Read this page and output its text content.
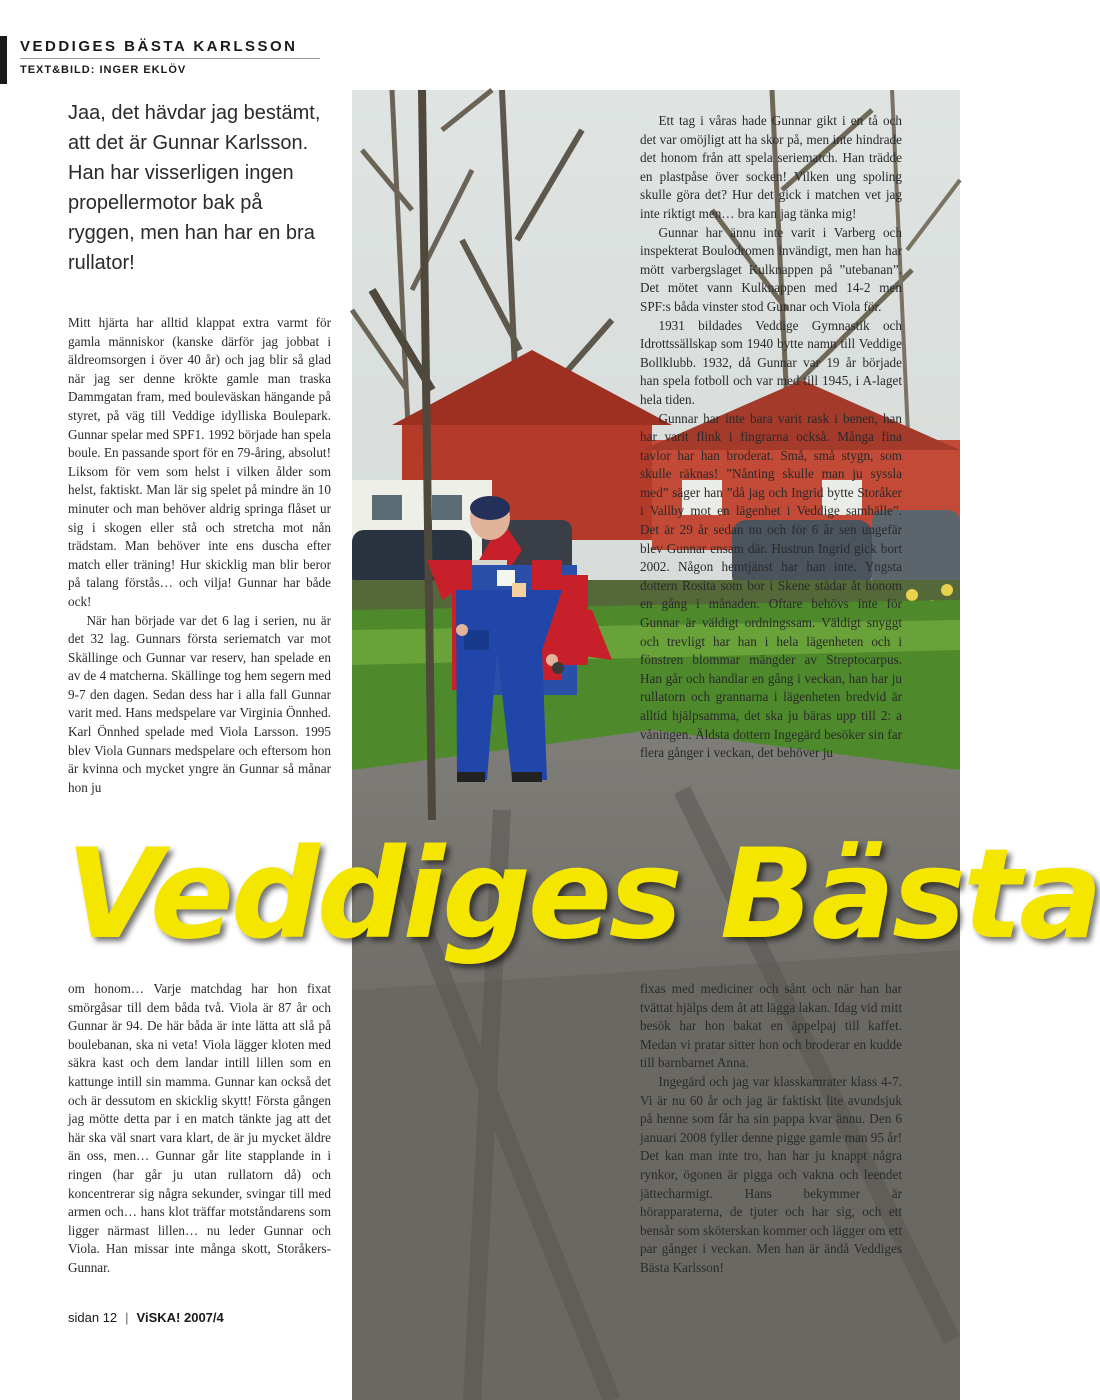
VEDDIGES BÄSTA KARLSSON
TEXT&BILD: INGER EKLÖV
Jaa, det hävdar jag bestämt, att det är Gunnar Karlsson. Han har visserligen ingen propellermotor bak på ryggen, men han har en bra rullator!

Mitt hjärta har alltid klappat extra varmt för gamla människor (kanske därför jag jobbat i äldreomsorgen i över 40 år) och jag blir så glad när jag ser denne krökte gamle man traska Dammgatan fram, med bouleväskan hängande på styret, på väg till Veddige idylliska Boulepark. Gunnar spelar med SPF1. 1992 började han spela boule. En passande sport för en 79-åring, absolut! Liksom för vem som helst i vilken ålder som helst, faktiskt. Man lär sig spelet på mindre än 10 minuter och man behöver aldrig springa flåset ur sig i skogen eller stå och stretcha mot nån trädstam. Man behöver inte ens duscha efter match eller träning! Hur skicklig man blir beror på talang förstås… och vilja! Gunnar har både ock!

När han började var det 6 lag i serien, nu är det 32 lag. Gunnars första seriematch var mot Skällinge och Gunnar var reserv, han spelade en av de 4 matcherna. Skällinge tog hem segern med 9-7 den dagen. Sedan dess har i alla fall Gunnar varit med. Hans medspelare var Virginia Önnhed. Karl Önnhed spelade med Viola Larsson. 1995 blev Viola Gunnars medspelare och eftersom hon är kvinna och mycket yngre än Gunnar så månar hon ju

Ett tag i våras hade Gunnar gikt i en tå och det var omöjligt att ha skor på, men inte hindrade det honom från att spela seriematch. Han trädde en plastpåse över socken! Vilken ung spoling skulle göra det? Hur det gick i matchen vet jag inte riktigt men… bra kan jag tänka mig!

Gunnar har ännu inte varit i Varberg och inspekterat Boulodromen invändigt, men han har mött varbergslaget Kulknappen på ”utebanan”. Det mötet vann Kulknappen med 14-2 men SPF:s båda vinster stod Gunnar och Viola för.

1931 bildades Veddige Gymnastik och Idrottssällskap som 1940 bytte namn till Veddige Bollklubb. 1932, då Gunnar var 19 år började han spela fotboll och var med till 1945, i A-laget hela tiden.

Gunnar har inte bara varit rask i benen, han har varit flink i fingrarna också. Många fina tavlor har han broderat. Små, små stygn, som skulle räknas! ”Nånting skulle man ju syssla med” säger han ”då jag och Ingrid bytte Storåker i Vallby mot en lägenhet i Veddige samhälle”. Det är 29 år sedan nu och för 6 år sen ungefär blev Gunnar ensam där. Hustrun Ingrid gick bort 2002. Någon hemtjänst har han inte. Yngsta dottern Rosita som bor i Skene städar åt honom en gång i månaden. Oftare behövs inte för Gunnar är väldigt ordningssam. Väldigt snyggt och trevligt har han i hela lägenheten och i fönstren blommar mängder av Streptocarpus. Han går och handlar en gång i veckan, han har ju rullatorn och grannarna i lägenheten bredvid är alltid hjälpsamma, det ska ju bäras upp till 2: a våningen. Äldsta dottern Ingegärd besöker sin far flera gånger i veckan, det behöver ju

Veddiges Bästa

om honom… Varje matchdag har hon fixat smörgåsar till dem båda två. Viola är 87 år och Gunnar är 94. De här båda är inte lätta att slå på boulebanan, ska ni veta! Viola lägger kloten med säkra kast och dem landar intill lillen som en kattunge intill sin mamma. Gunnar kan också det och är dessutom en skicklig skytt! Första gången jag mötte detta par i en match tänkte jag att det här ska väl snart vara klart, de är ju mycket äldre än oss, men… Gunnar går lite stapplande in i ringen (har går ju utan rullatorn då) och koncentrerar sig några sekunder, svingar till med armen och… hans klot träffar motståndarens som ligger närmast lillen… nu leder Gunnar och Viola. Han missar inte många skott, Storåkers-Gunnar.

fixas med mediciner och sånt och när han har tvättat hjälps dem åt att lägga lakan. Idag vid mitt besök har hon bakat en äppelpaj till kaffet. Medan vi pratar sitter hon och broderar en kudde till barnbarnet Anna.

Ingegärd och jag var klasskamrater klass 4-7. Vi är nu 60 år och jag är faktiskt lite avundsjuk på henne som får ha sin pappa kvar ännu. Den 6 januari 2008 fyller denne pigge gamle man 95 år! Det kan man inte tro, han har ju knappt några rynkor, ögonen är pigga och vakna och leendet jättecharmigt. Hans bekymmer är hörapparaterna, de tjuter och har sig, och ett bensår som sköterskan kommer och lägger om ett par gånger i veckan. Men han är ändå Veddiges Bästa Karlsson!

sidan 12 | ViSKA! 2007/4
